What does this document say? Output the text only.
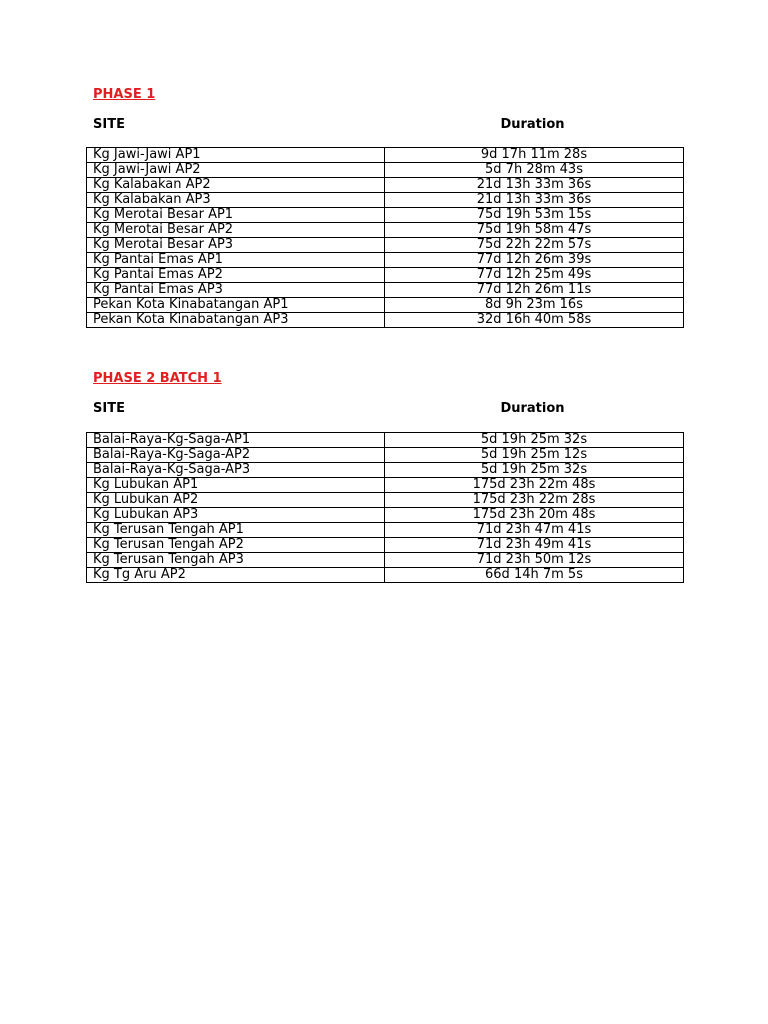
PHASE 1
SITE	Duration
Kg Jawi-Jawi AP1	9d 17h 11m 28s
Kg Jawi-Jawi AP2	5d 7h 28m 43s
Kg Kalabakan AP2	21d 13h 33m 36s
Kg Kalabakan AP3	21d 13h 33m 36s
Kg Merotai Besar AP1	75d 19h 53m 15s
Kg Merotai Besar AP2	75d 19h 58m 47s
Kg Merotai Besar AP3	75d 22h 22m 57s
Kg Pantai Emas AP1	77d 12h 26m 39s
Kg Pantai Emas AP2	77d 12h 25m 49s
Kg Pantai Emas AP3	77d 12h 26m 11s
Pekan Kota Kinabatangan AP1	8d 9h 23m 16s
Pekan Kota Kinabatangan AP3	32d 16h 40m 58s
PHASE 2 BATCH 1
SITE	Duration
Balai-Raya-Kg-Saga-AP1	5d 19h 25m 32s
Balai-Raya-Kg-Saga-AP2	5d 19h 25m 12s
Balai-Raya-Kg-Saga-AP3	5d 19h 25m 32s
Kg Lubukan AP1	175d 23h 22m 48s
Kg Lubukan AP2	175d 23h 22m 28s
Kg Lubukan AP3	175d 23h 20m 48s
Kg Terusan Tengah AP1	71d 23h 47m 41s
Kg Terusan Tengah AP2	71d 23h 49m 41s
Kg Terusan Tengah AP3	71d 23h 50m 12s
Kg Tg Aru AP2	66d 14h 7m 5s
